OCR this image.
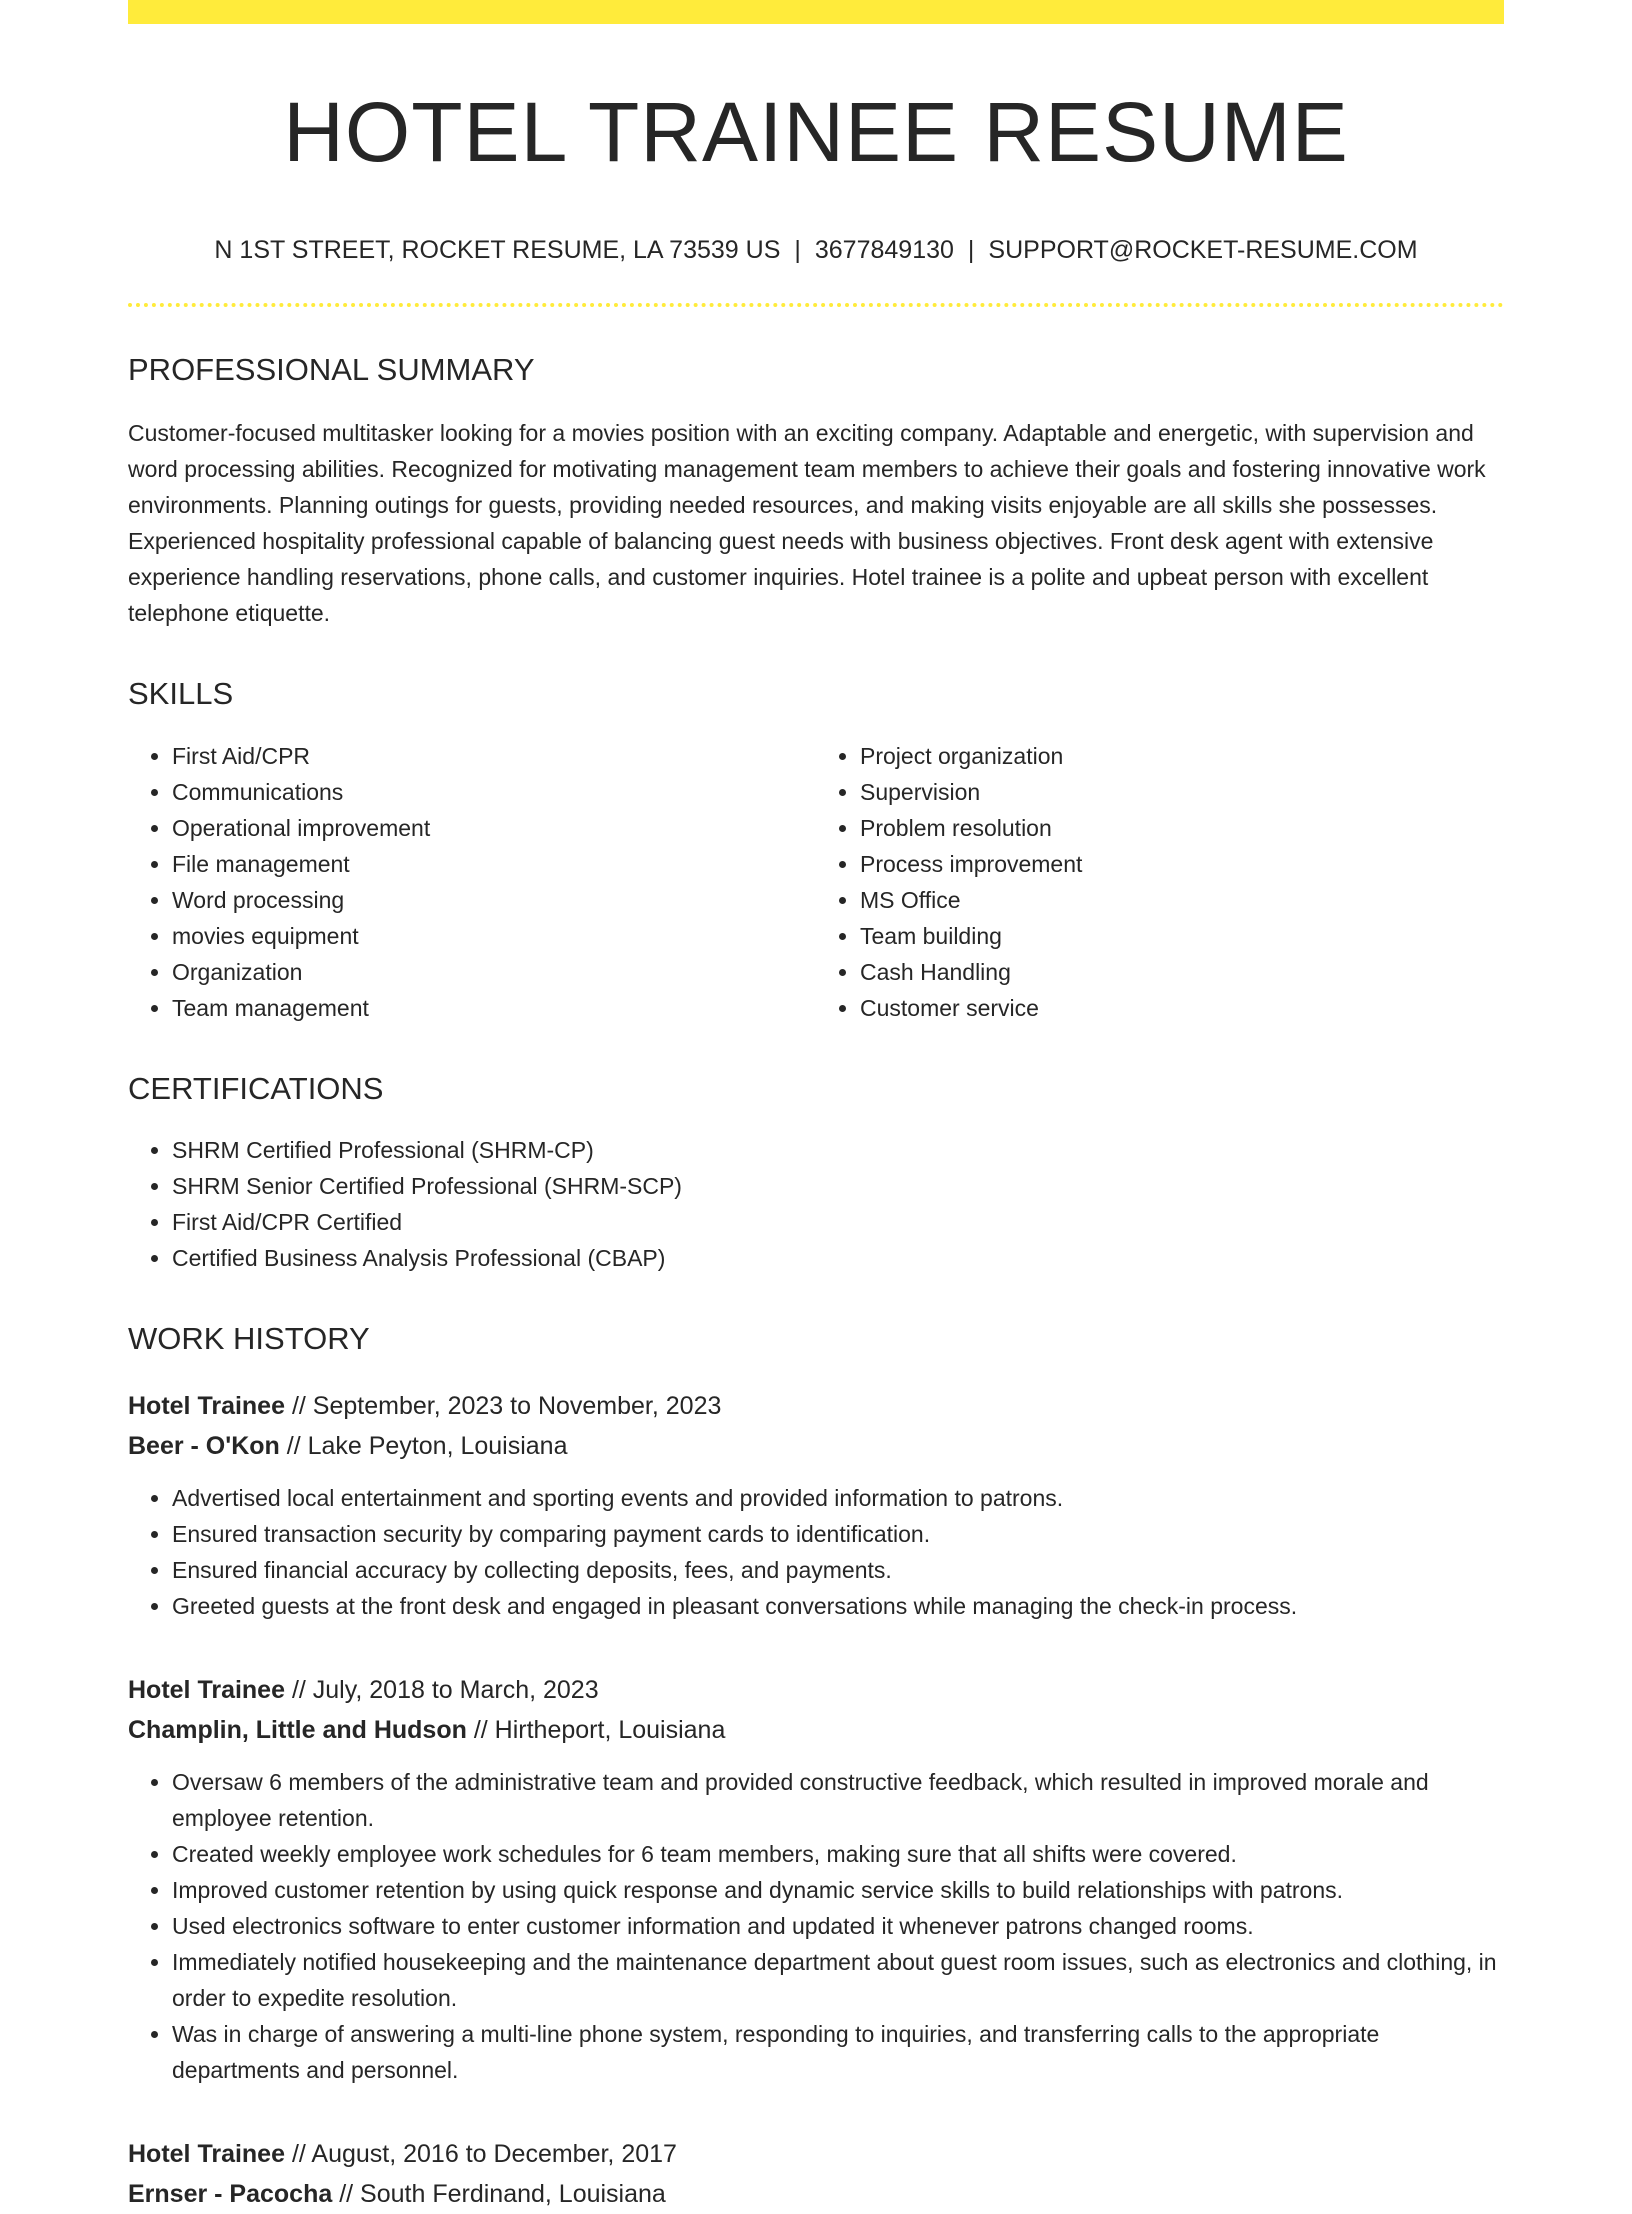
HOTEL TRAINEE RESUME
N 1ST STREET, ROCKET RESUME, LA 73539 US | 3677849130 | SUPPORT@ROCKET-RESUME.COM
PROFESSIONAL SUMMARY

Customer-focused multitasker looking for a movies position with an exciting company. Adaptable and energetic, with supervision and word processing abilities. Recognized for motivating management team members to achieve their goals and fostering innovative work environments. Planning outings for guests, providing needed resources, and making visits enjoyable are all skills she possesses. Experienced hospitality professional capable of balancing guest needs with business objectives. Front desk agent with extensive experience handling reservations, phone calls, and customer inquiries. Hotel trainee is a polite and upbeat person with excellent telephone etiquette.

SKILLS
• First Aid/CPR
• Communications
• Operational improvement
• File management
• Word processing
• movies equipment
• Organization
• Team management
• Project organization
• Supervision
• Problem resolution
• Process improvement
• MS Office
• Team building
• Cash Handling
• Customer service
CERTIFICATIONS
• SHRM Certified Professional (SHRM-CP)
• SHRM Senior Certified Professional (SHRM-SCP)
• First Aid/CPR Certified
• Certified Business Analysis Professional (CBAP)
WORK HISTORY
Hotel Trainee // September, 2023 to November, 2023
Beer - O'Kon // Lake Peyton, Louisiana
• Advertised local entertainment and sporting events and provided information to patrons.
• Ensured transaction security by comparing payment cards to identification.
• Ensured financial accuracy by collecting deposits, fees, and payments.
• Greeted guests at the front desk and engaged in pleasant conversations while managing the check-in process.
Hotel Trainee // July, 2018 to March, 2023
Champlin, Little and Hudson // Hirtheport, Louisiana
• Oversaw 6 members of the administrative team and provided constructive feedback, which resulted in improved morale and employee retention.
• Created weekly employee work schedules for 6 team members, making sure that all shifts were covered.
• Improved customer retention by using quick response and dynamic service skills to build relationships with patrons.
• Used electronics software to enter customer information and updated it whenever patrons changed rooms.
• Immediately notified housekeeping and the maintenance department about guest room issues, such as electronics and clothing, in order to expedite resolution.
• Was in charge of answering a multi-line phone system, responding to inquiries, and transferring calls to the appropriate departments and personnel.
Hotel Trainee // August, 2016 to December, 2017
Ernser - Pacocha // South Ferdinand, Louisiana
